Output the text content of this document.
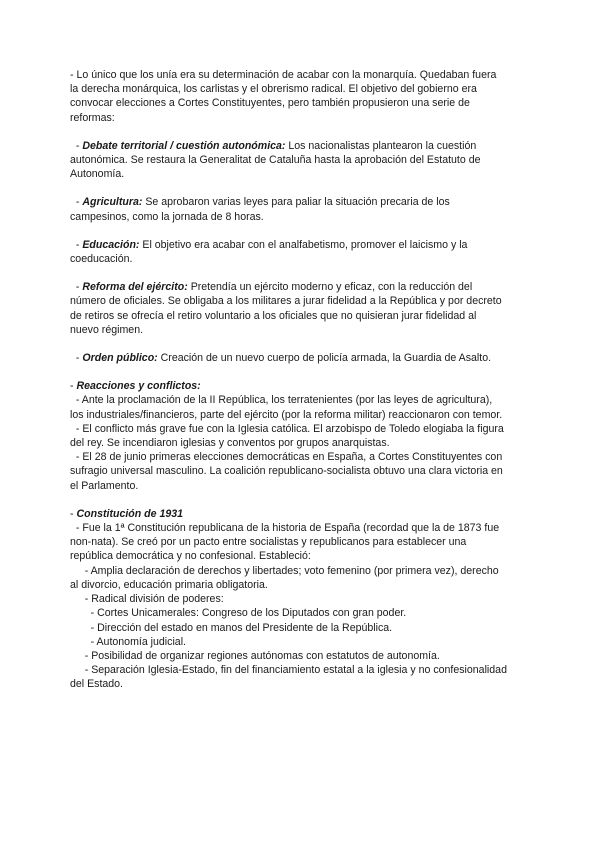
- Lo único que los unía era su determinación de acabar con la monarquía. Quedaban fuera
la derecha monárquica, los carlistas y el obrerismo radical. El objetivo del gobierno era
convocar elecciones a Cortes Constituyentes, pero también propusieron una serie de
reformas:
- Debate territorial / cuestión autonómica: Los nacionalistas plantearon la cuestión
autonómica. Se restaura la Generalitat de Cataluña hasta la aprobación del Estatuto de
Autonomía.
- Agricultura: Se aprobaron varias leyes para paliar la situación precaria de los
campesinos, como la jornada de 8 horas.
- Educación: El objetivo era acabar con el analfabetismo, promover el laicismo y la
coeducación.
- Reforma del ejército: Pretendía un ejército moderno y eficaz, con la reducción del
número de oficiales. Se obligaba a los militares a jurar fidelidad a la República y por decreto
de retiros se ofrecía el retiro voluntario a los oficiales que no quisieran jurar fidelidad al
nuevo régimen.
- Orden público: Creación de un nuevo cuerpo de policía armada, la Guardia de Asalto.
- Reacciones y conflictos:
- Ante la proclamación de la II República, los terratenientes (por las leyes de agricultura),
los industriales/financieros, parte del ejército (por la reforma militar) reaccionaron con temor.
- El conflicto más grave fue con la Iglesia católica. El arzobispo de Toledo elogiaba la figura
del rey. Se incendiaron iglesias y conventos por grupos anarquistas.
- El 28 de junio primeras elecciones democráticas en España, a Cortes Constituyentes con
sufragio universal masculino. La coalición republicano-socialista obtuvo una clara victoria en
el Parlamento.
- Constitución de 1931
- Fue la 1ª Constitución republicana de la historia de España (recordad que la de 1873 fue
non-nata). Se creó por un pacto entre socialistas y republicanos para establecer una
república democrática y no confesional. Estableció:
- Amplia declaración de derechos y libertades; voto femenino (por primera vez), derecho
al divorcio, educación primaria obligatoria.
- Radical división de poderes:
- Cortes Unicamerales: Congreso de los Diputados con gran poder.
- Dirección del estado en manos del Presidente de la República.
- Autonomía judicial.
- Posibilidad de organizar regiones autónomas con estatutos de autonomía.
- Separación Iglesia-Estado, fin del financiamiento estatal a la iglesia y no confesionalidad
del Estado.
